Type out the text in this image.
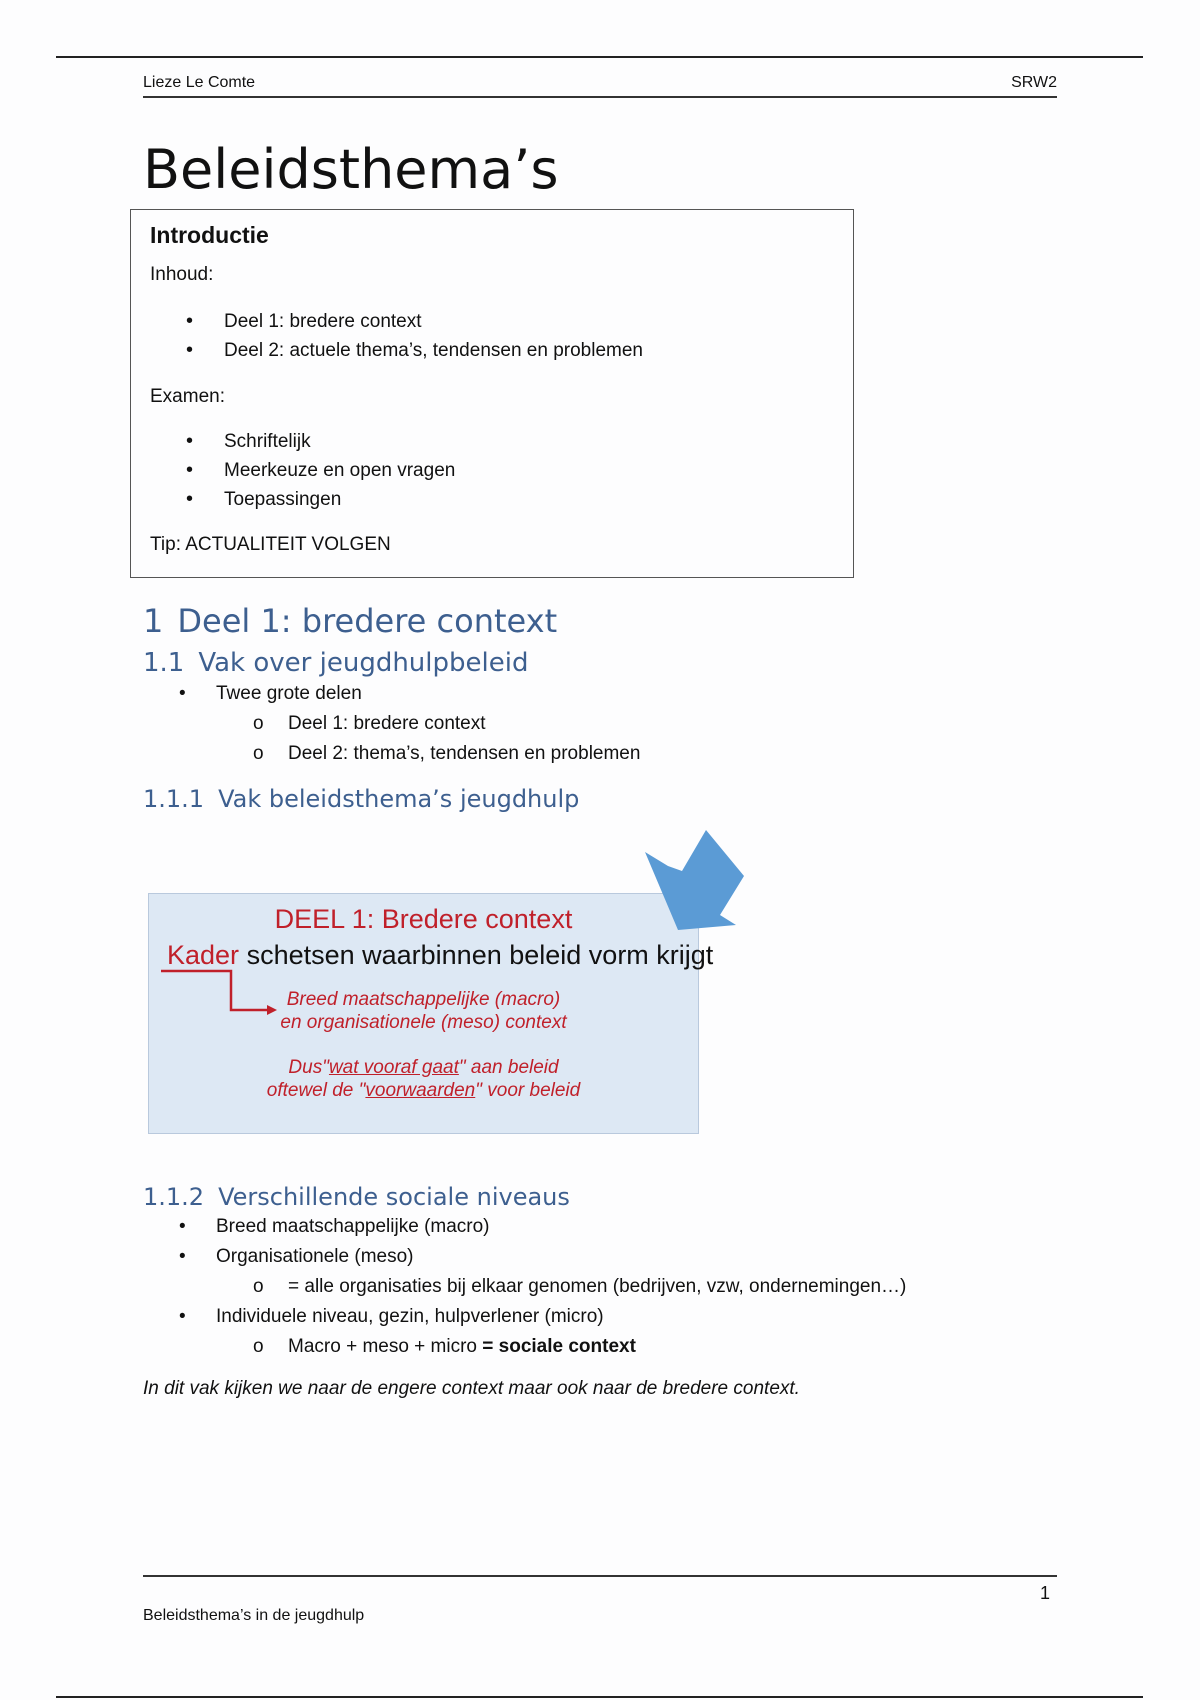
Lieze Le Comte	SRW2
Beleidsthema’s
Introductie
Inhoud:
• Deel 1: bredere context
• Deel 2: actuele thema’s, tendensen en problemen
Examen:
• Schriftelijk
• Meerkeuze en open vragen
• Toepassingen
Tip: ACTUALITEIT VOLGEN
1 Deel 1: bredere context
1.1 Vak over jeugdhulpbeleid
• Twee grote delen
o Deel 1: bredere context
o Deel 2: thema’s, tendensen en problemen
1.1.1 Vak beleidsthema’s jeugdhulp
DEEL 1: Bredere context
Kader schetsen waarbinnen beleid vorm krijgt
Breed maatschappelijke (macro)
en organisationele (meso) context
Dus"wat vooraf gaat" aan beleid
oftewel de "voorwaarden" voor beleid
1.1.2 Verschillende sociale niveaus
• Breed maatschappelijke (macro)
• Organisationele (meso)
o = alle organisaties bij elkaar genomen (bedrijven, vzw, ondernemingen…)
• Individuele niveau, gezin, hulpverlener (micro)
o Macro + meso + micro = sociale context
In dit vak kijken we naar de engere context maar ook naar de bredere context.
1
Beleidsthema’s in de jeugdhulp
